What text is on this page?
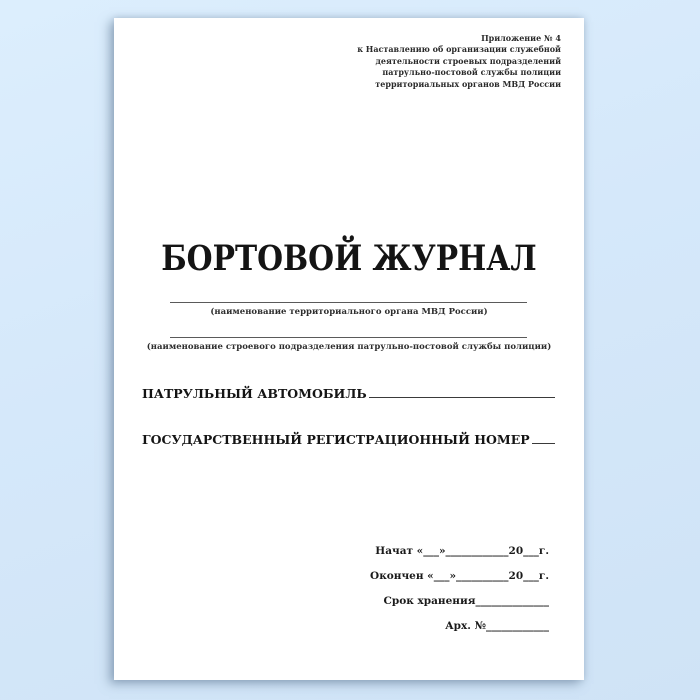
Приложение № 4
к Наставлению об организации служебной
деятельности строевых подразделений
патрульно-постовой службы полиции
территориальных органов МВД России
БОРТОВОЙ ЖУРНАЛ
(наименование территориального органа МВД России)
(наименование строевого подразделения патрульно-постовой службы полиции)
ПАТРУЛЬНЫЙ АВТОМОБИЛЬ
ГОСУДАРСТВЕННЫЙ РЕГИСТРАЦИОННЫЙ НОМЕР
Начат «___»____________20___г.
Окончен «___»__________20___г.
Срок хранения______________
Арх. №____________
